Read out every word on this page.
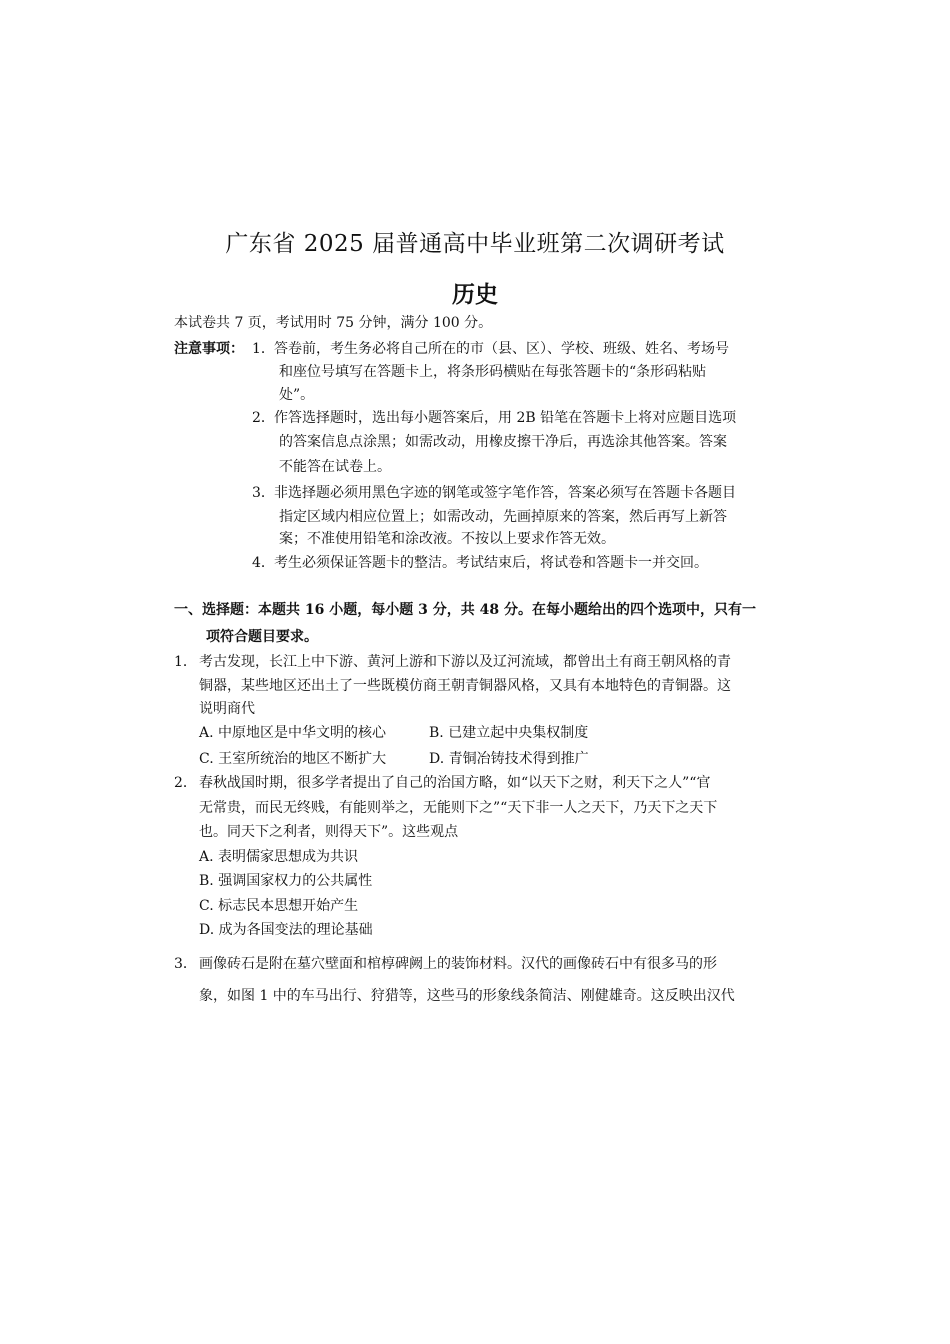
广东省 2025 届普通高中毕业班第二次调研考试
历史
本试卷共 7 页，考试用时 75 分钟，满分 100 分。
注意事项： 1． 答卷前，考生务必将自己所在的市（县、区）、学校、班级、姓名、考场号
和座位号填写在答题卡上，将条形码横贴在每张答题卡的“条形码粘贴
处”。
2． 作答选择题时，选出每小题答案后，用 2B 铅笔在答题卡上将对应题目选项
的答案信息点涂黑；如需改动，用橡皮擦干净后，再选涂其他答案。答案
不能答在试卷上。
3． 非选择题必须用黑色字迹的钢笔或签字笔作答，答案必须写在答题卡各题目
指定区域内相应位置上；如需改动，先画掉原来的答案，然后再写上新答
案；不准使用铅笔和涂改液。不按以上要求作答无效。
4． 考生必须保证答题卡的整洁。考试结束后，将试卷和答题卡一并交回。
一、选择题：本题共 16 小题，每小题 3 分，共 48 分。在每小题给出的四个选项中，只有一
项符合题目要求。
1． 考古发现，长江上中下游、黄河上游和下游以及辽河流域，都曾出土有商王朝风格的青
铜器，某些地区还出土了一些既模仿商王朝青铜器风格，又具有本地特色的青铜器。这
说明商代
A. 中原地区是中华文明的核心	B. 已建立起中央集权制度
C. 王室所统治的地区不断扩大	D. 青铜冶铸技术得到推广
2． 春秋战国时期，很多学者提出了自己的治国方略，如“以天下之财，利天下之人”“官
无常贵，而民无终贱，有能则举之，无能则下之”“天下非一人之天下，乃天下之天下
也。同天下之利者，则得天下”。这些观点
A. 表明儒家思想成为共识
B. 强调国家权力的公共属性
C. 标志民本思想开始产生
D. 成为各国变法的理论基础
3． 画像砖石是附在墓穴壁面和棺椁碑阙上的装饰材料。汉代的画像砖石中有很多马的形
象，如图 1 中的车马出行、狩猎等，这些马的形象线条简洁、刚健雄奇。这反映出汉代
